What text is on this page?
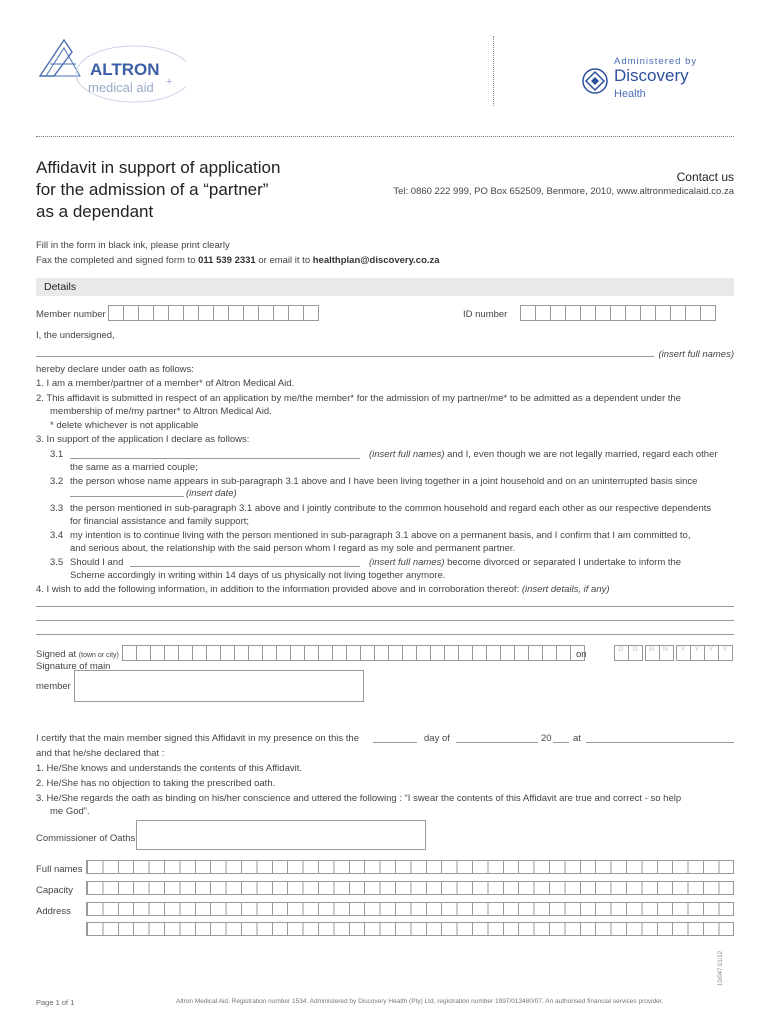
ALTRON
medical aid +
Administered by
Discovery
Health
Affidavit in support of application
for the admission of a “partner”
as a dependant
Contact us
Tel: 0860 222 999, PO Box 652509, Benmore, 2010, www.altronmedicalaid.co.za
Fill in the form in black ink, please print clearly
Fax the completed and signed form to 011 539 2331 or email it to healthplan@discovery.co.za
Details
Member number	ID number
I, the undersigned,
(insert full names)
hereby declare under oath as follows:
1. I am a member/partner of a member* of Altron Medical Aid.
2. This affidavit is submitted in respect of an application by me/the member* for the admission of my partner/me* to be admitted as a dependent under the
membership of me/my partner* to Altron Medical Aid.
* delete whichever is not applicable
3. In support of the application I declare as follows:
3.1	(insert full names) and I, even though we are not legally married, regard each other
the same as a married couple;
3.2 the person whose name appears in sub-paragraph 3.1 above and I have been living together in a joint household and on an uninterrupted basis since
(insert date)
3.3 the person mentioned in sub-paragraph 3.1 above and I jointly contribute to the common household and regard each other as our respective dependents
for financial assistance and family support;
3.4 my intention is to continue living with the person mentioned in sub-paragraph 3.1 above on a permanent basis, and I confirm that I am committed to,
and serious about, the relationship with the said person whom I regard as my sole and permanent partner.
3.5 Should I and	(insert full names) become divorced or separated I undertake to inform the
Scheme accordingly in writing within 14 days of us physically not living together anymore.
4. I wish to add the following information, in addition to the information provided above and in corroboration thereof: (insert details, if any)
Signed at (town or city)	on	D D M M Y Y Y Y
Signature of main
member
I certify that the main member signed this Affidavit in my presence on this the	day of	20 at
and that he/she declared that :
1. He/She knows and understands the contents of this Affidavit.
2. He/She has no objection to taking the prescribed oath.
3. He/She regards the oath as binding on his/her conscience and uttered the following : “I swear the contents of this Affidavit are true and correct - so help
me God”.
Commissioner of Oaths
Full names
Capacity
Address
10/047 01/12
Page 1 of 1	Altron Medical Aid. Registration number 1534. Administered by Discovery Health (Pty) Ltd, registration number 1997/013480/07. An authorised financial services provider.
